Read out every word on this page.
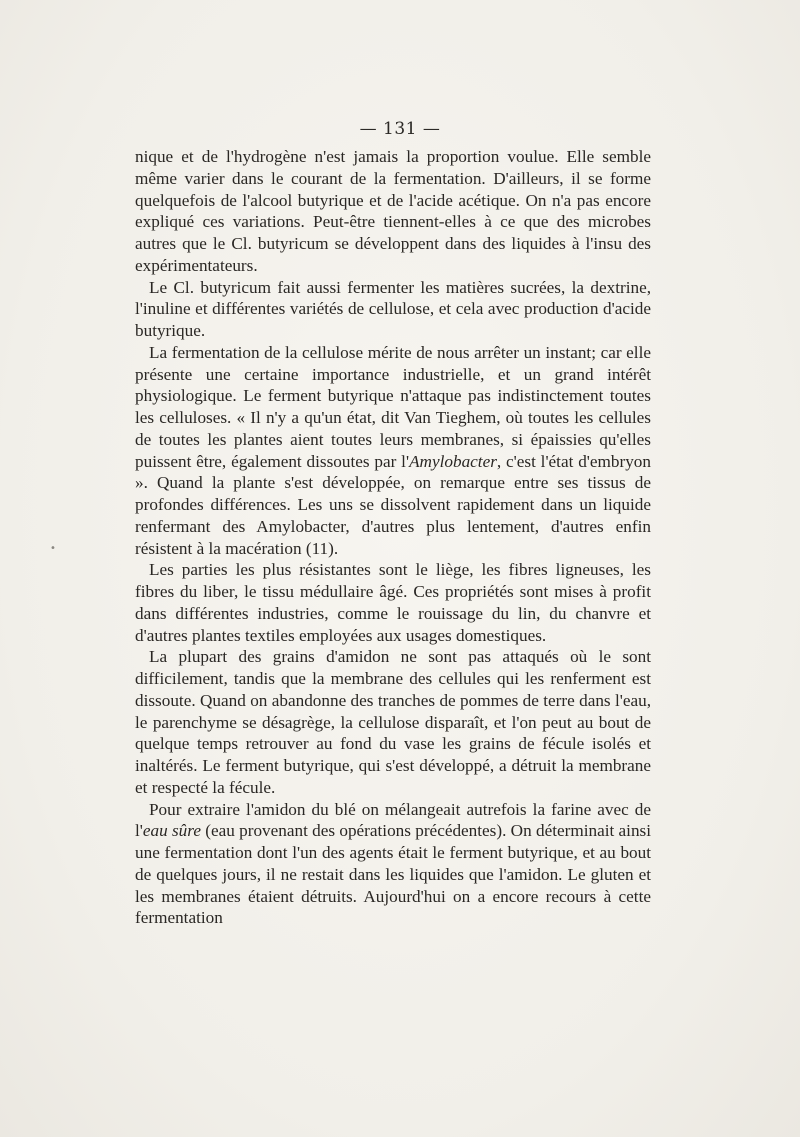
— 131 —

nique et de l'hydrogène n'est jamais la proportion voulue. Elle semble même varier dans le courant de la fermentation. D'ailleurs, il se forme quelquefois de l'alcool butyrique et de l'acide acétique. On n'a pas encore expliqué ces variations. Peut-être tiennent-elles à ce que des microbes autres que le Cl. butyricum se développent dans des liquides à l'insu des expérimentateurs.

Le Cl. butyricum fait aussi fermenter les matières sucrées, la dextrine, l'inuline et différentes variétés de cellulose, et cela avec production d'acide butyrique.

La fermentation de la cellulose mérite de nous arrêter un instant; car elle présente une certaine importance industrielle, et un grand intérêt physiologique. Le ferment butyrique n'attaque pas indistinctement toutes les celluloses. « Il n'y a qu'un état, dit Van Tieghem, où toutes les cellules de toutes les plantes aient toutes leurs membranes, si épaissies qu'elles puissent être, également dissoutes par l'Amylobacter, c'est l'état d'embryon ». Quand la plante s'est développée, on remarque entre ses tissus de profondes différences. Les uns se dissolvent rapidement dans un liquide renfermant des Amylobacter, d'autres plus lentement, d'autres enfin résistent à la macération (11).

Les parties les plus résistantes sont le liège, les fibres ligneuses, les fibres du liber, le tissu médullaire âgé. Ces propriétés sont mises à profit dans différentes industries, comme le rouissage du lin, du chanvre et d'autres plantes textiles employées aux usages domestiques.

La plupart des grains d'amidon ne sont pas attaqués où le sont difficilement, tandis que la membrane des cellules qui les renferment est dissoute. Quand on abandonne des tranches de pommes de terre dans l'eau, le parenchyme se désagrège, la cellulose disparaît, et l'on peut au bout de quelque temps retrouver au fond du vase les grains de fécule isolés et inaltérés. Le ferment butyrique, qui s'est développé, a détruit la membrane et respecté la fécule.

Pour extraire l'amidon du blé on mélangeait autrefois la farine avec de l'eau sûre (eau provenant des opérations précédentes). On déterminait ainsi une fermentation dont l'un des agents était le ferment butyrique, et au bout de quelques jours, il ne restait dans les liquides que l'amidon. Le gluten et les membranes étaient détruits. Aujourd'hui on a encore recours à cette fermentation

•
